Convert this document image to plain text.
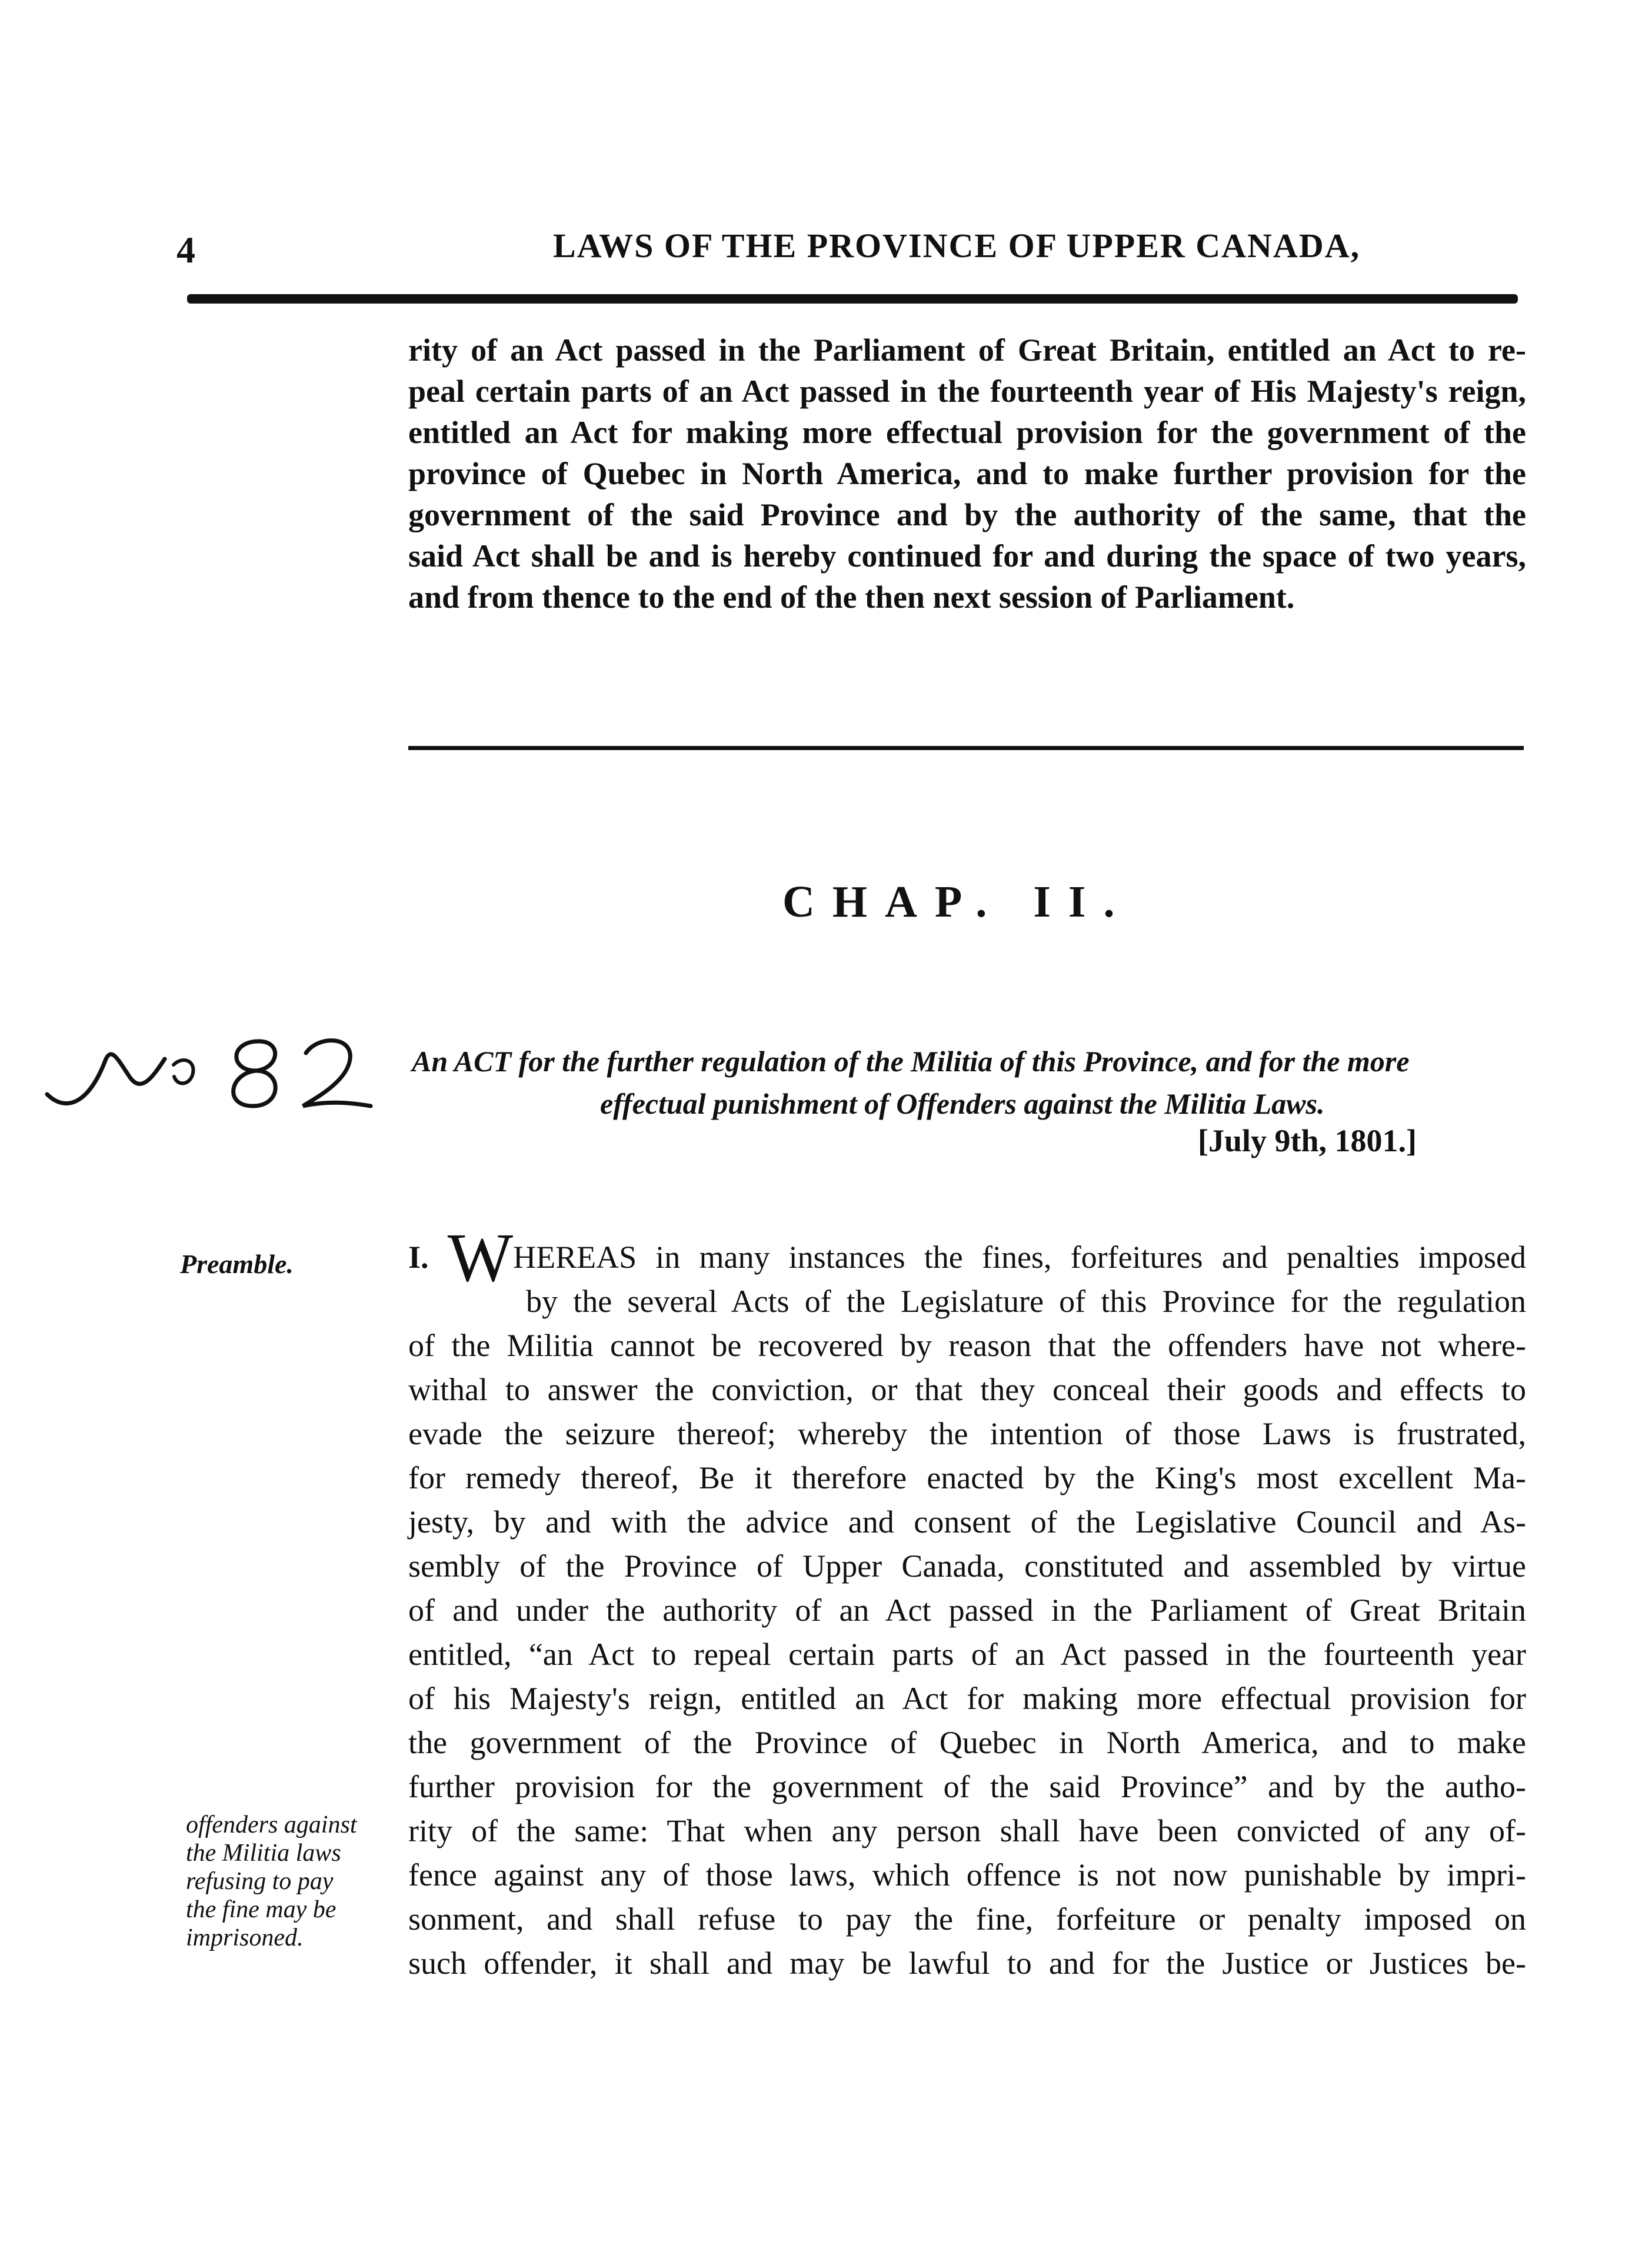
4	LAWS OF THE PROVINCE OF UPPER CANADA,
rity of an Act passed in the Parliament of Great Britain, entitled an Act to re-
peal certain parts of an Act passed in the fourteenth year of His Majesty's reign,
entitled an Act for making more effectual provision for the government of the
province of Quebec in North America, and to make further provision for the
government of the said Province and by the authority of the same, that the
said Act shall be and is hereby continued for and during the space of two years,
and from thence to the end of the then next session of Parliament.
CHAP. II.
An ACT for the further regulation of the Militia of this Province, and for the more
effectual punishment of Offenders against the Militia Laws.
[July 9th, 1801.]
Preamble.	I. WHEREAS in many instances the fines, forfeitures and penalties imposed
by the several Acts of the Legislature of this Province for the regulation
of the Militia cannot be recovered by reason that the offenders have not where-
withal to answer the conviction, or that they conceal their goods and effects to
evade the seizure thereof; whereby the intention of those Laws is frustrated,
for remedy thereof, Be it therefore enacted by the King's most excellent Ma-
jesty, by and with the advice and consent of the Legislative Council and As-
sembly of the Province of Upper Canada, constituted and assembled by virtue
of and under the authority of an Act passed in the Parliament of Great Britain
entitled, “an Act to repeal certain parts of an Act passed in the fourteenth year
of his Majesty's reign, entitled an Act for making more effectual provision for
the government of the Province of Quebec in North America, and to make
further provision for the government of the said Province” and by the autho-
rity of the same: That when any person shall have been convicted of any of-
fence against any of those laws, which offence is not now punishable by impri-
sonment, and shall refuse to pay the fine, forfeiture or penalty imposed on
such offender, it shall and may be lawful to and for the Justice or Justices be-
offenders against
the Militia laws
refusing to pay
the fine may be
imprisoned.
